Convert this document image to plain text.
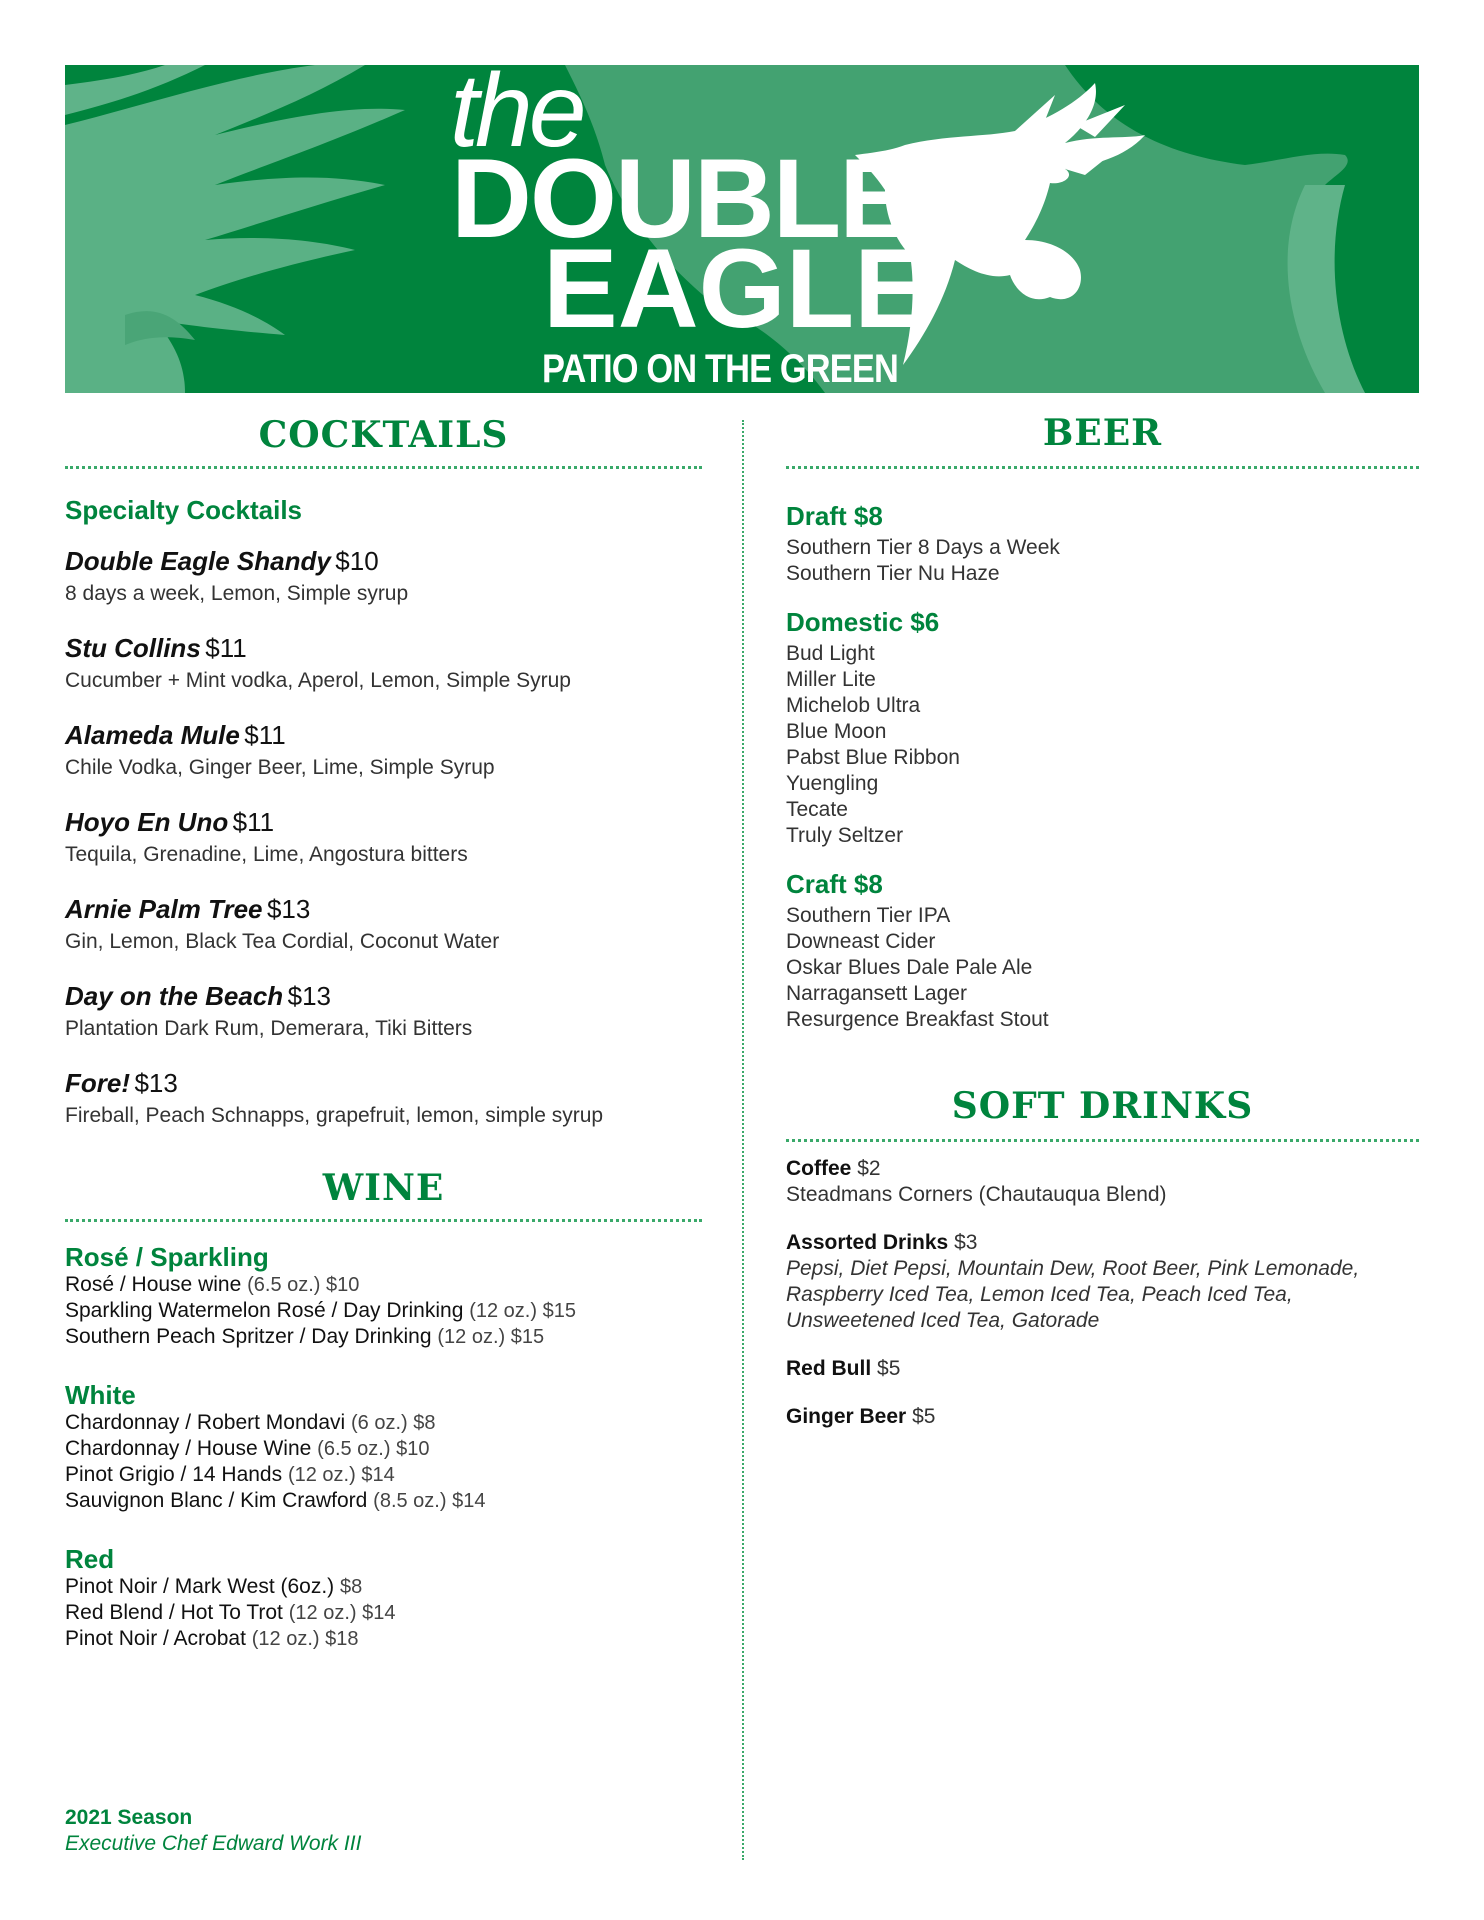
the
DOUBLE
EAGLE
PATIO ON THE GREEN
COCKTAILS
Specialty Cocktails
Double Eagle Shandy $10
8 days a week, Lemon, Simple syrup
Stu Collins $11
Cucumber + Mint vodka, Aperol, Lemon, Simple Syrup
Alameda Mule $11
Chile Vodka, Ginger Beer, Lime, Simple Syrup
Hoyo En Uno $11
Tequila, Grenadine, Lime, Angostura bitters
Arnie Palm Tree $13
Gin, Lemon, Black Tea Cordial, Coconut Water
Day on the Beach $13
Plantation Dark Rum, Demerara, Tiki Bitters
Fore! $13
Fireball, Peach Schnapps, grapefruit, lemon, simple syrup
WINE
Rosé / Sparkling
Rosé / House wine (6.5 oz.) $10
Sparkling Watermelon Rosé / Day Drinking (12 oz.) $15
Southern Peach Spritzer / Day Drinking (12 oz.) $15
White
Chardonnay / Robert Mondavi (6 oz.) $8
Chardonnay / House Wine (6.5 oz.) $10
Pinot Grigio / 14 Hands (12 oz.) $14
Sauvignon Blanc / Kim Crawford (8.5 oz.) $14
Red
Pinot Noir / Mark West (6oz.) $8
Red Blend / Hot To Trot (12 oz.) $14
Pinot Noir / Acrobat (12 oz.) $18
BEER
Draft $8
Southern Tier 8 Days a Week
Southern Tier Nu Haze
Domestic $6
Bud Light
Miller Lite
Michelob Ultra
Blue Moon
Pabst Blue Ribbon
Yuengling
Tecate
Truly Seltzer
Craft $8
Southern Tier IPA
Downeast Cider
Oskar Blues Dale Pale Ale
Narragansett Lager
Resurgence Breakfast Stout
SOFT DRINKS
Coffee $2
Steadmans Corners (Chautauqua Blend)
Assorted Drinks $3
Pepsi, Diet Pepsi, Mountain Dew, Root Beer, Pink Lemonade, Raspberry Iced Tea, Lemon Iced Tea, Peach Iced Tea, Unsweetened Iced Tea, Gatorade
Red Bull $5
Ginger Beer $5
2021 Season
Executive Chef Edward Work III
